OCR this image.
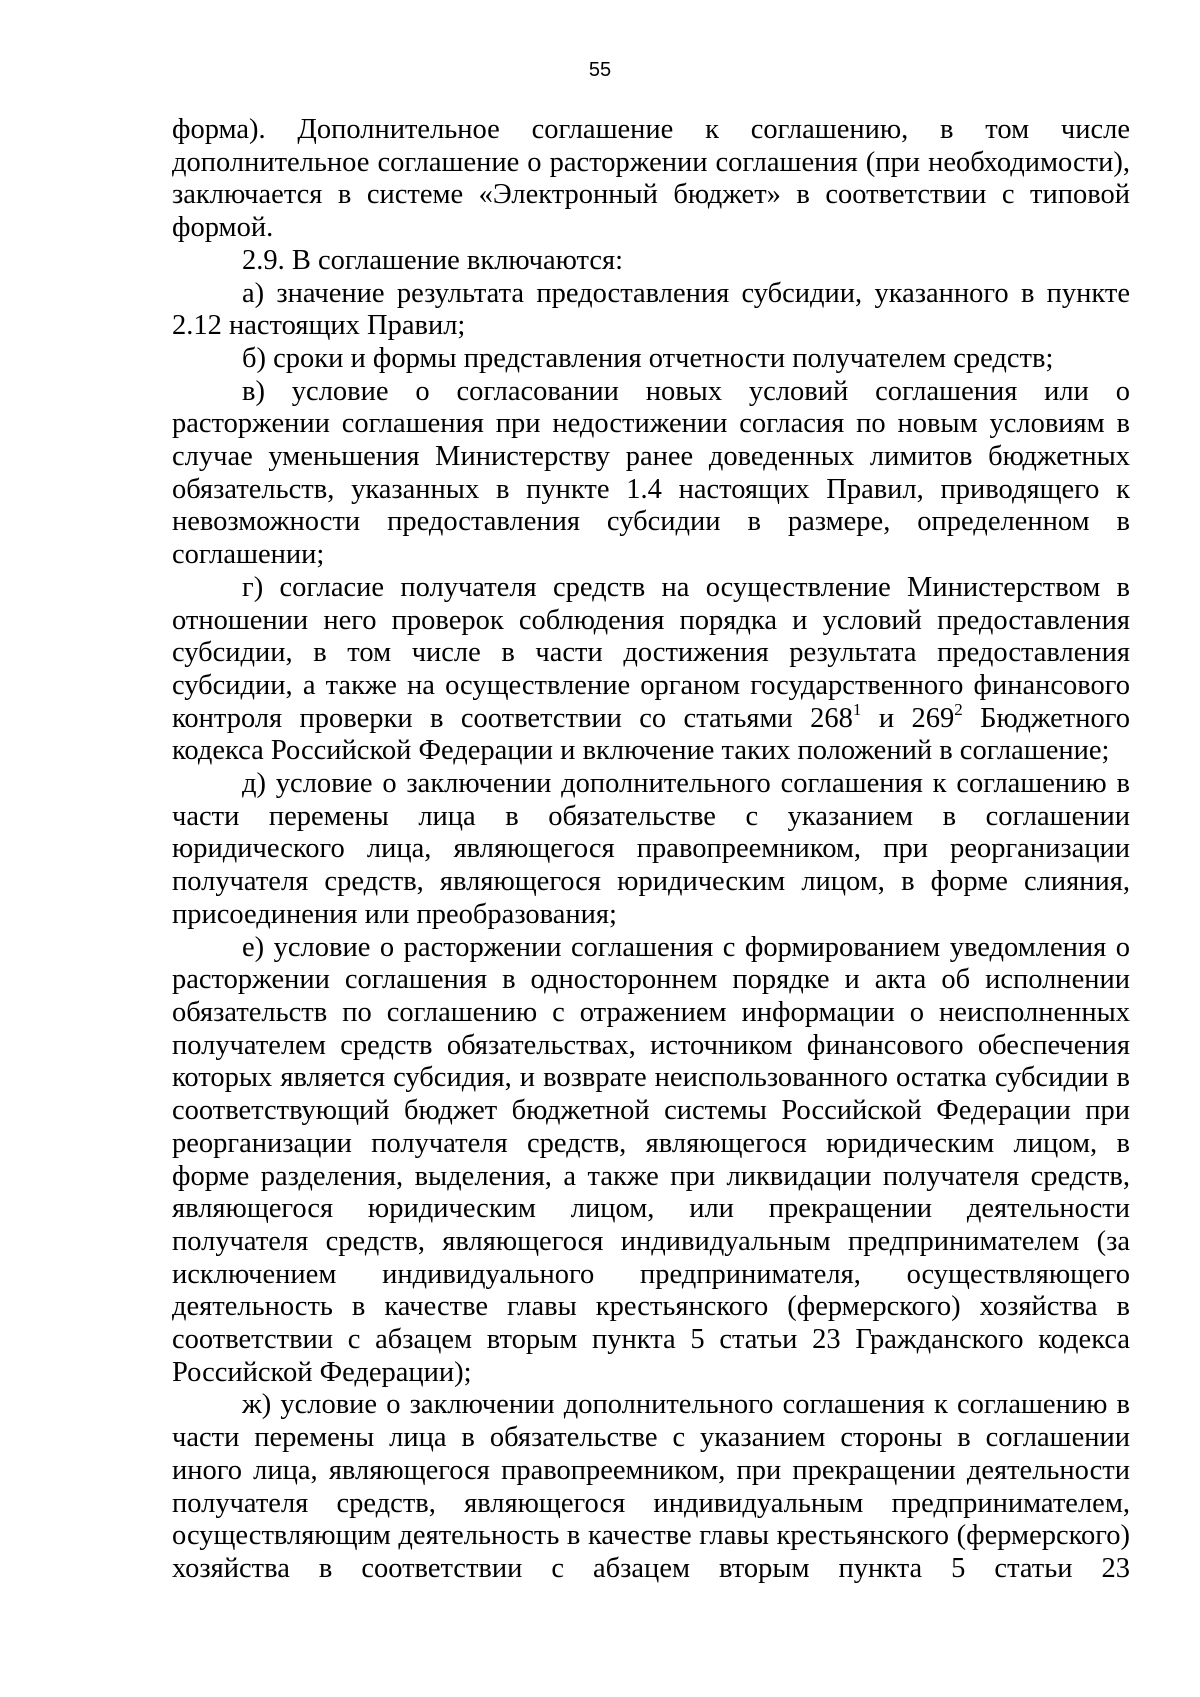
55

форма). Дополнительное соглашение к соглашению, в том числе дополнительное соглашение о расторжении соглашения (при необходимости), заключается в системе «Электронный бюджет» в соответствии с типовой формой.

2.9. В соглашение включаются:

а) значение результата предоставления субсидии, указанного в пункте 2.12 настоящих Правил;

б) сроки и формы представления отчетности получателем средств;

в) условие о согласовании новых условий соглашения или о расторжении соглашения при недостижении согласия по новым условиям в случае уменьшения Министерству ранее доведенных лимитов бюджетных обязательств, указанных в пункте 1.4 настоящих Правил, приводящего к невозможности предоставления субсидии в размере, определенном в соглашении;

г) согласие получателя средств на осуществление Министерством в отношении него проверок соблюдения порядка и условий предоставления субсидии, в том числе в части достижения результата предоставления субсидии, а также на осуществление органом государственного финансового контроля проверки в соответствии со статьями $268^1$ и $269^2$ Бюджетного кодекса Российской Федерации и включение таких положений в соглашение;

д) условие о заключении дополнительного соглашения к соглашению в части перемены лица в обязательстве с указанием в соглашении юридического лица, являющегося правопреемником, при реорганизации получателя средств, являющегося юридическим лицом, в форме слияния, присоединения или преобразования;

е) условие о расторжении соглашения с формированием уведомления о расторжении соглашения в одностороннем порядке и акта об исполнении обязательств по соглашению с отражением информации о неисполненных получателем средств обязательствах, источником финансового обеспечения которых является субсидия, и возврате неиспользованного остатка субсидии в соответствующий бюджет бюджетной системы Российской Федерации при реорганизации получателя средств, являющегося юридическим лицом, в форме разделения, выделения, а также при ликвидации получателя средств, являющегося юридическим лицом, или прекращении деятельности получателя средств, являющегося индивидуальным предпринимателем (за исключением индивидуального предпринимателя, осуществляющего деятельность в качестве главы крестьянского (фермерского) хозяйства в соответствии с абзацем вторым пункта 5 статьи 23 Гражданского кодекса Российской Федерации);

ж) условие о заключении дополнительного соглашения к соглашению в части перемены лица в обязательстве с указанием стороны в соглашении иного лица, являющегося правопреемником, при прекращении деятельности получателя средств, являющегося индивидуальным предпринимателем, осуществляющим деятельность в качестве главы крестьянского (фермерского) хозяйства в соответствии с абзацем вторым пункта 5 статьи 23
